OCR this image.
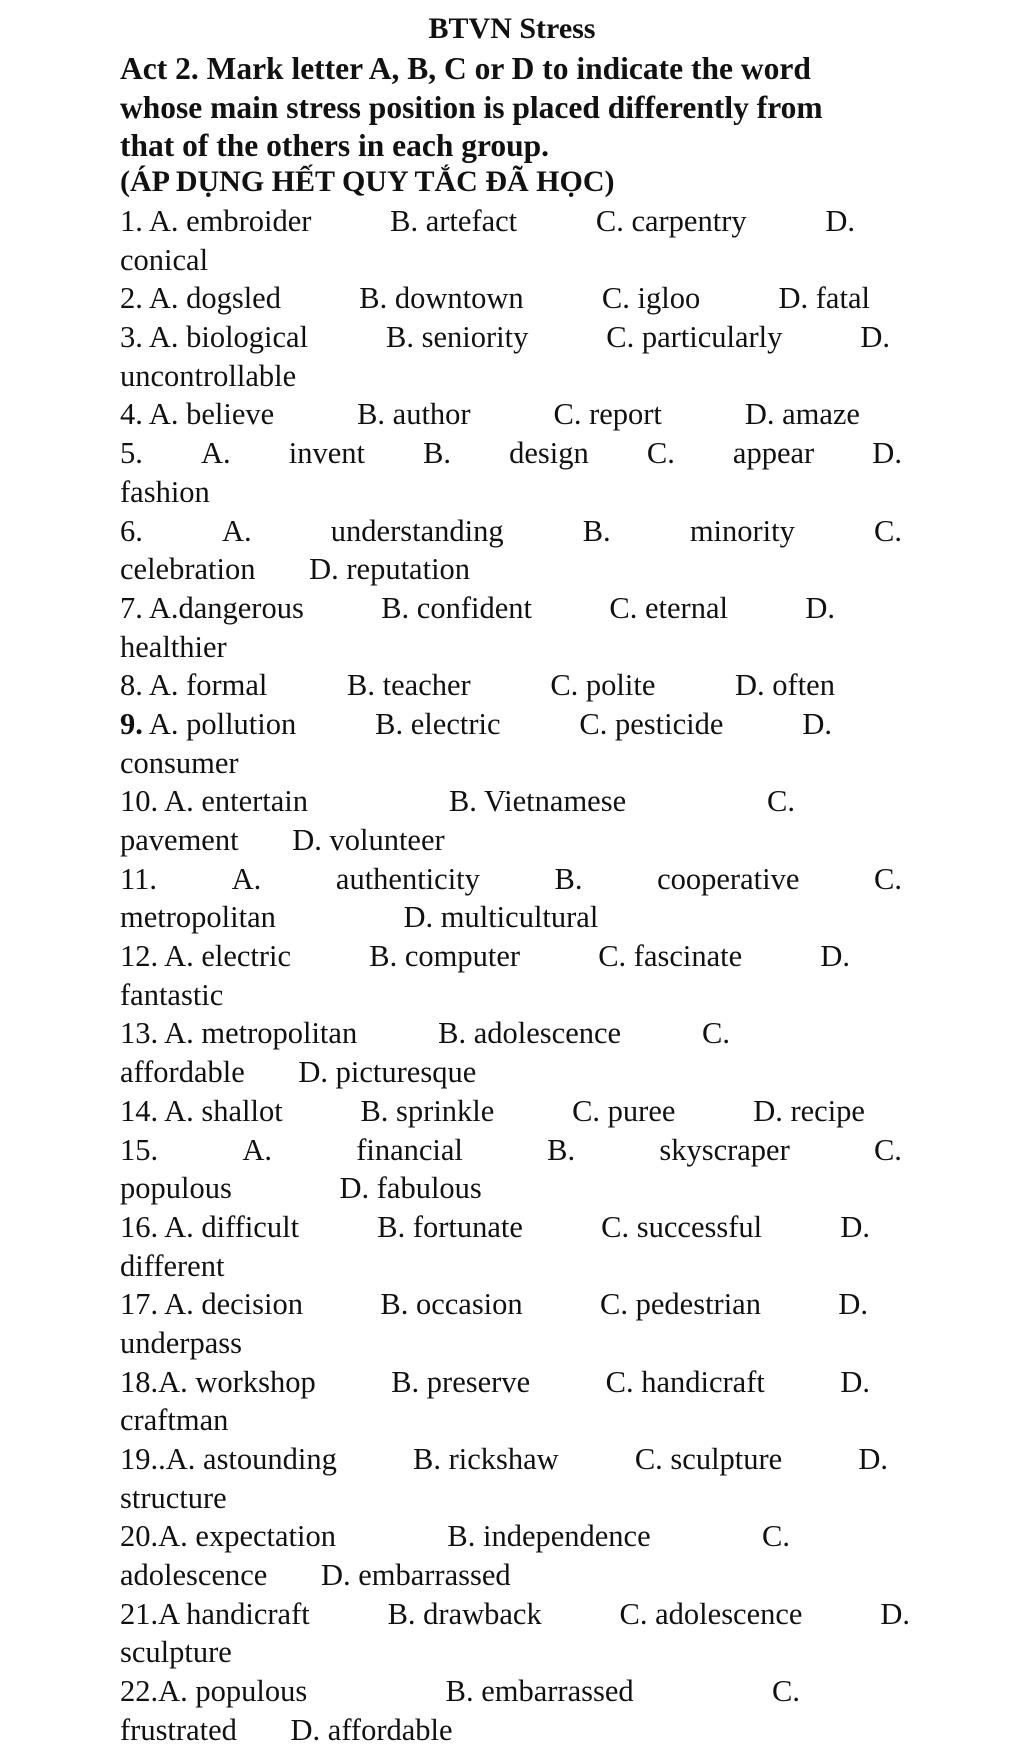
BTVN Stress
Act 2. Mark letter A, B, C or D to indicate the word
whose main stress position is placed differently from
that of the others in each group.
(ÁP DỤNG HẾT QUY TẮC ĐÃ HỌC)
1. A. embroider	B. artefact	C. carpentry	D.
conical
2. A. dogsled	B. downtown	C. igloo	D. fatal
3. A. biological	B. seniority	C. particularly	D.
uncontrollable
4. A. believe	B. author	C. report	D. amaze
5. A. invent B. design C. appear D.
fashion
6.	A.	understanding	B.	minority	C.
celebration D. reputation
7. A.dangerous	B. confident	C. eternal	D.
healthier
8. A. formal	B. teacher	C. polite	D. often
9. A. pollution	B. electric	C. pesticide	D.
consumer
10. A. entertain	B. Vietnamese	C.
pavement D. volunteer
11. A. authenticity B. cooperative C.
metropolitan	D. multicultural
12. A. electric	B. computer	C. fascinate	D.
fantastic
13. A. metropolitan	B. adolescence	C.
affordable D. picturesque
14. A. shallot	B. sprinkle	C. puree	D. recipe
15.	A.	financial	B.	skyscraper	C.
populous	D. fabulous
16. A. difficult	B. fortunate	C. successful	D.
different
17. A. decision	B. occasion	C. pedestrian	D.
underpass
18.A. workshop B. preserve C. handicraft D.
craftman
19..A. astounding B. rickshaw C. sculpture D.
structure
20.A. expectation	B. independence	C.
adolescence D. embarrassed
21.A handicraft	B. drawback	C. adolescence	D.
sculpture
22.A. populous	B. embarrassed	C.
frustrated D. affordable
